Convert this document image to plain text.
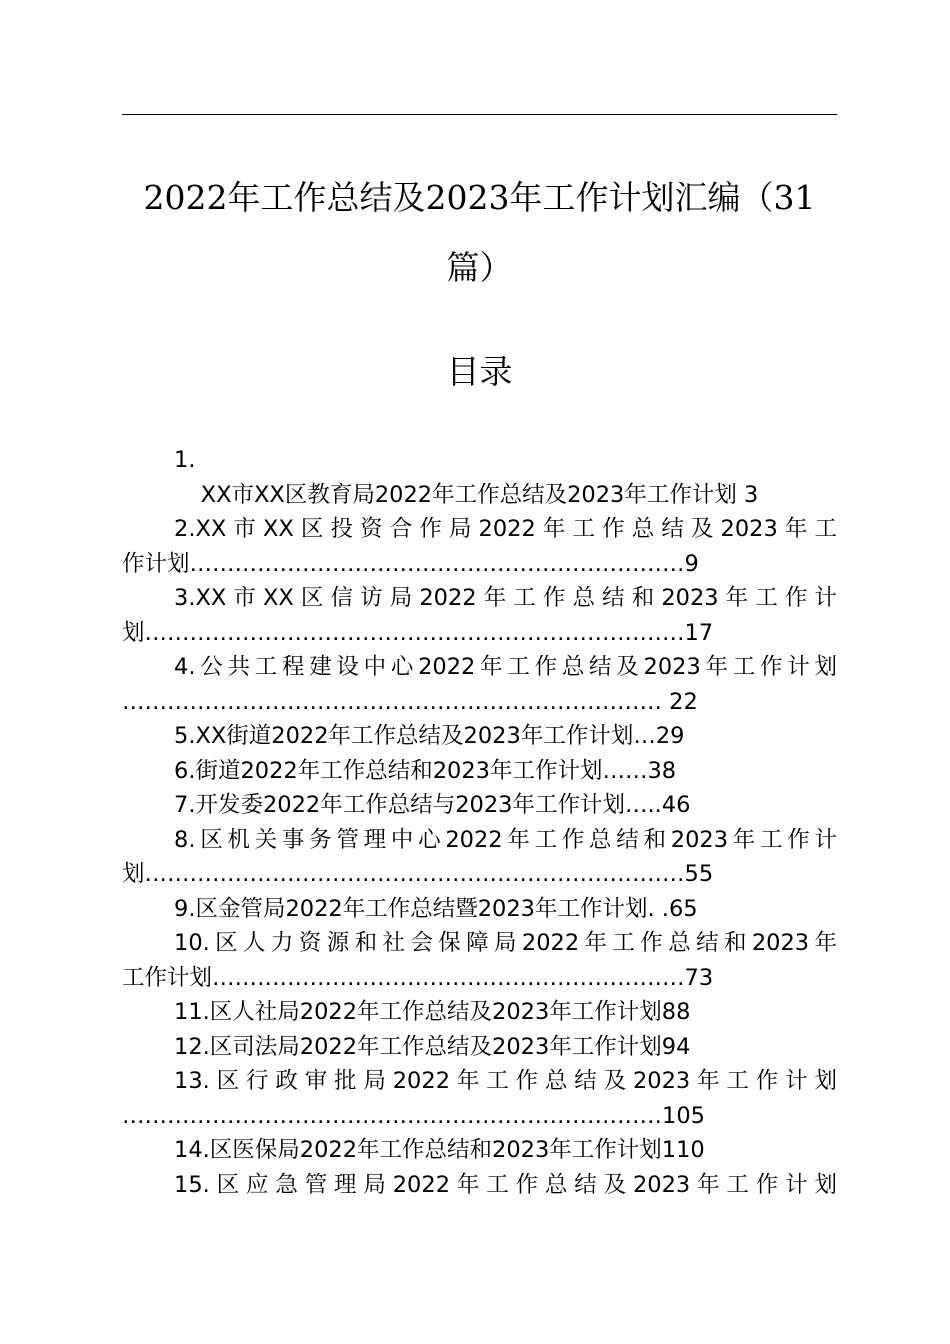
2022年工作总结及2023年工作计划汇编（31
篇）
目录
1.
XX市XX区教育局2022年工作总结及2023年工作计划 3
2.XX市XX区投资合作局2022年工作总结及2023年工
作计划…………………………………………………………9
3.XX市XX区信访局2022年工作总结和2023年工作计
划………………………………………………………………17
4.公共工程建设中心2022年工作总结及2023年工作计划
……………………………………………………………… 22
5.XX街道2022年工作总结及2023年工作计划…29
6.街道2022年工作总结和2023年工作计划……38
7.开发委2022年工作总结与2023年工作计划…..46
8.区机关事务管理中心2022年工作总结和2023年工作计
划………………………………………………………………55
9.区金管局2022年工作总结暨2023年工作计划. .65
10.区人力资源和社会保障局2022年工作总结和2023年
工作计划………………………………………………………73
11.区人社局2022年工作总结及2023年工作计划88
12.区司法局2022年工作总结及2023年工作计划94
13.区行政审批局2022年工作总结及2023年工作计划
………………………………………………………………105
14.区医保局2022年工作总结和2023年工作计划110
15.区应急管理局2022年工作总结及2023年工作计划
